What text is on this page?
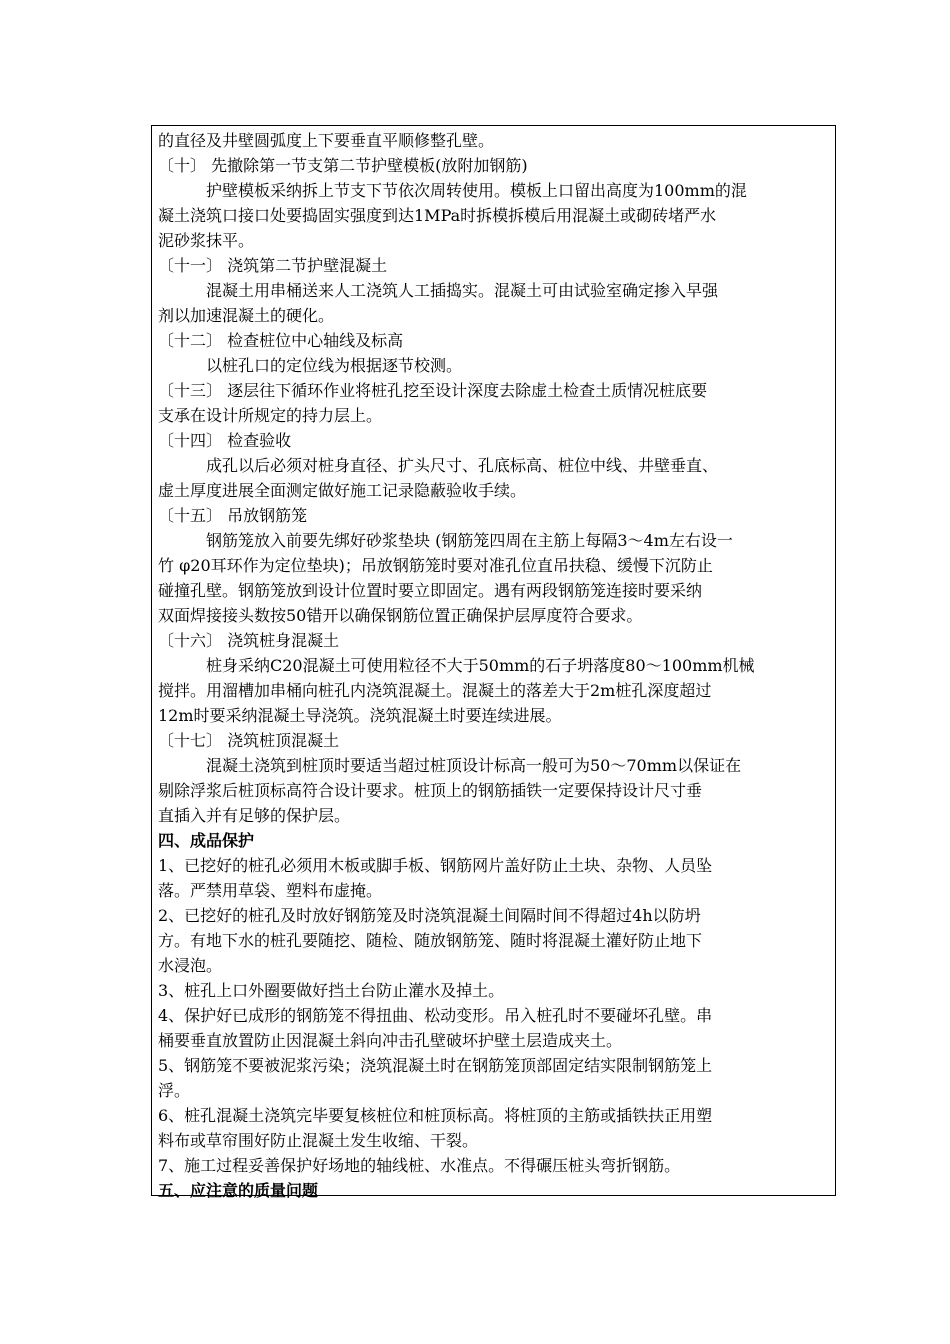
的直径及井壁圆弧度上下要垂直平顺修整孔壁。
〔十〕 先撤除第一节支第二节护壁模板(放附加钢筋)
护壁模板采纳拆上节支下节依次周转使用。模板上口留出高度为100mm的混
凝土浇筑口接口处要捣固实强度到达1MPa时拆模拆模后用混凝土或砌砖堵严水
泥砂浆抹平。
〔十一〕 浇筑第二节护壁混凝土
混凝土用串桶送来人工浇筑人工插捣实。混凝土可由试验室确定掺入早强
剂以加速混凝土的硬化。
〔十二〕 检查桩位中心轴线及标高
以桩孔口的定位线为根据逐节校测。
〔十三〕 逐层往下循环作业将桩孔挖至设计深度去除虚土检查土质情况桩底要
支承在设计所规定的持力层上。
〔十四〕 检查验收
成孔以后必须对桩身直径、扩头尺寸、孔底标高、桩位中线、井壁垂直、
虚土厚度进展全面测定做好施工记录隐蔽验收手续。
〔十五〕 吊放钢筋笼
钢筋笼放入前要先绑好砂浆垫块 (钢筋笼四周在主筋上每隔3～4m左右设一
竹 φ20耳环作为定位垫块)；吊放钢筋笼时要对准孔位直吊扶稳、缓慢下沉防止
碰撞孔壁。钢筋笼放到设计位置时要立即固定。遇有两段钢筋笼连接时要采纳
双面焊接接头数按50错开以确保钢筋位置正确保护层厚度符合要求。
〔十六〕 浇筑桩身混凝土
桩身采纳C20混凝土可使用粒径不大于50mm的石子坍落度80～100mm机械
搅拌。用溜槽加串桶向桩孔内浇筑混凝土。混凝土的落差大于2m桩孔深度超过
12m时要采纳混凝土导浇筑。浇筑混凝土时要连续进展。
〔十七〕 浇筑桩顶混凝土
混凝土浇筑到桩顶时要适当超过桩顶设计标高一般可为50～70mm以保证在
剔除浮浆后桩顶标高符合设计要求。桩顶上的钢筋插铁一定要保持设计尺寸垂
直插入并有足够的保护层。
四、成品保护
1、已挖好的桩孔必须用木板或脚手板、钢筋网片盖好防止土块、杂物、人员坠
落。严禁用草袋、塑料布虚掩。
2、已挖好的桩孔及时放好钢筋笼及时浇筑混凝土间隔时间不得超过4h以防坍
方。有地下水的桩孔要随挖、随检、随放钢筋笼、随时将混凝土灌好防止地下
水浸泡。
3、桩孔上口外圈要做好挡土台防止灌水及掉土。
4、保护好已成形的钢筋笼不得扭曲、松动变形。吊入桩孔时不要碰坏孔壁。串
桶要垂直放置防止因混凝土斜向冲击孔壁破坏护壁土层造成夹土。
5、钢筋笼不要被泥浆污染；浇筑混凝土时在钢筋笼顶部固定结实限制钢筋笼上
浮。
6、桩孔混凝土浇筑完毕要复核桩位和桩顶标高。将桩顶的主筋或插铁扶正用塑
料布或草帘围好防止混凝土发生收缩、干裂。
7、施工过程妥善保护好场地的轴线桩、水准点。不得碾压桩头弯折钢筋。
五、应注意的质量问题
